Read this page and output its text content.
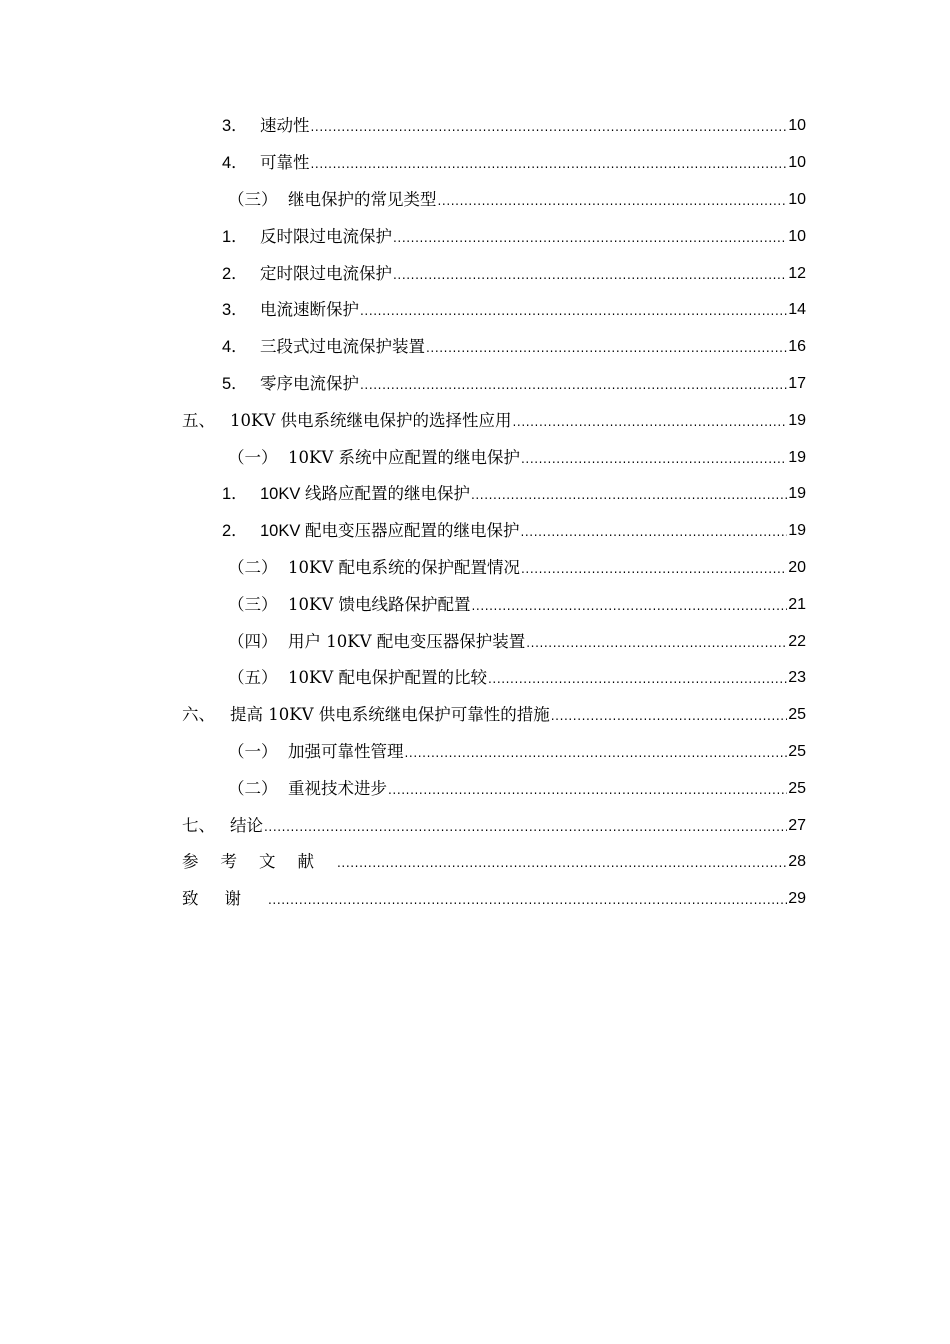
3． 速动性 .....	10
4． 可靠性 .....	10
（三） 继电保护的常见类型 .....	10
1． 反时限过电流保护 .....	10
2． 定时限过电流保护 .....	12
3． 电流速断保护 .....	14
4． 三段式过电流保护装置 .....	16
5． 零序电流保护 .....	17
五、 10KV 供电系统继电保护的选择性应用 .....	19
（一） 10KV 系统中应配置的继电保护 .....	19
1． 10KV 线路应配置的继电保护 .....	19
2． 10KV 配电变压器应配置的继电保护 .....	19
（二） 10KV 配电系统的保护配置情况 .....	20
（三） 10KV 馈电线路保护配置 .....	21
（四） 用户 10KV 配电变压器保护装置 .....	22
（五） 10KV 配电保护配置的比较 .....	23
六、 提高 10KV 供电系统继电保护可靠性的措施 .....	25
（一） 加强可靠性管理 .....	25
（二） 重视技术进步 .....	25
七、 结论 .....	27
参考文献 .....	28
致谢 .....	29
